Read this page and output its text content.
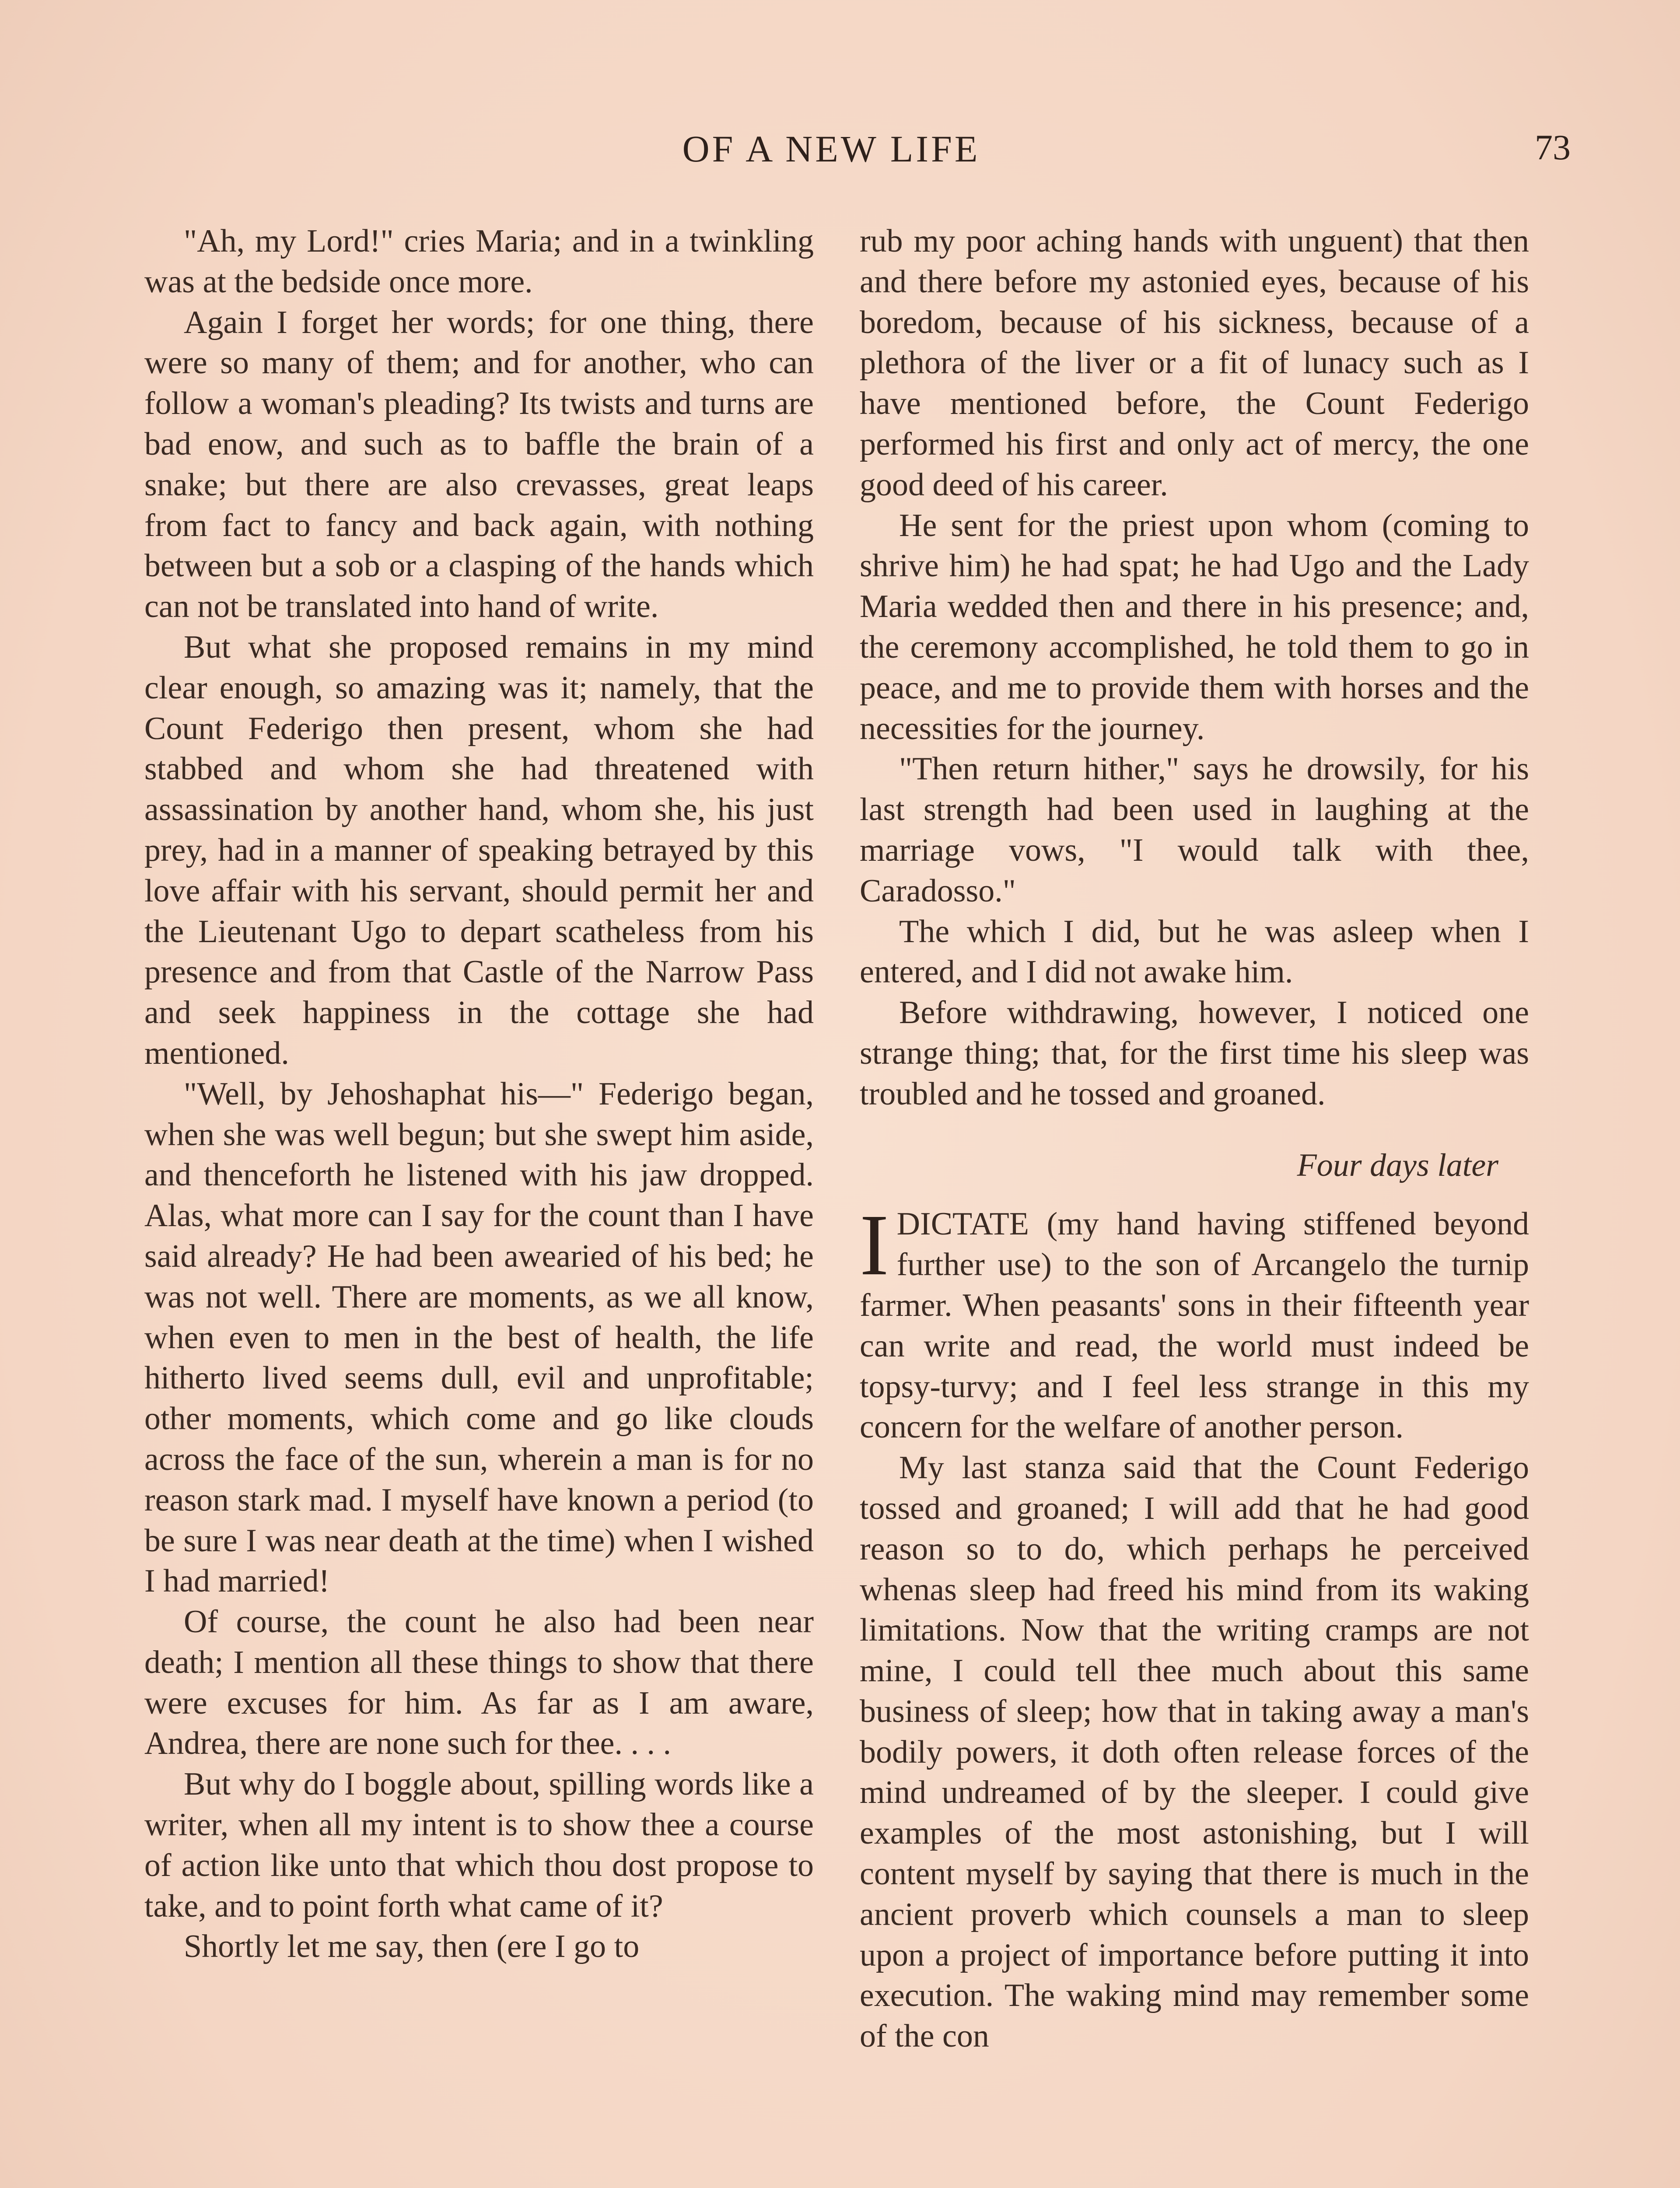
OF A NEW LIFE	73

"Ah, my Lord!" cries Maria; and in a twinkling was at the bedside once more.

Again I forget her words; for one thing, there were so many of them; and for another, who can follow a woman's pleading? Its twists and turns are bad enow, and such as to baffle the brain of a snake; but there are also crevasses, great leaps from fact to fancy and back again, with nothing between but a sob or a clasping of the hands which can not be translated into hand of write.

But what she proposed remains in my mind clear enough, so amazing was it; namely, that the Count Federigo then present, whom she had stabbed and whom she had threatened with assassination by another hand, whom she, his just prey, had in a manner of speaking betrayed by this love affair with his servant, should permit her and the Lieutenant Ugo to depart scatheless from his presence and from that Castle of the Narrow Pass and seek happiness in the cottage she had mentioned.

"Well, by Jehoshaphat his—" Federigo began, when she was well begun; but she swept him aside, and thenceforth he listened with his jaw dropped. Alas, what more can I say for the count than I have said already? He had been awearied of his bed; he was not well. There are moments, as we all know, when even to men in the best of health, the life hitherto lived seems dull, evil and unprofitable; other moments, which come and go like clouds across the face of the sun, wherein a man is for no reason stark mad. I myself have known a period (to be sure I was near death at the time) when I wished I had married!

Of course, the count he also had been near death; I mention all these things to show that there were excuses for him. As far as I am aware, Andrea, there are none such for thee. . . .

But why do I boggle about, spilling words like a writer, when all my intent is to show thee a course of action like unto that which thou dost propose to take, and to point forth what came of it?

Shortly let me say, then (ere I go to

rub my poor aching hands with unguent) that then and there before my astonied eyes, because of his boredom, because of his sickness, because of a plethora of the liver or a fit of lunacy such as I have mentioned before, the Count Federigo performed his first and only act of mercy, the one good deed of his career.

He sent for the priest upon whom (coming to shrive him) he had spat; he had Ugo and the Lady Maria wedded then and there in his presence; and, the ceremony accomplished, he told them to go in peace, and me to provide them with horses and the necessities for the journey.

"Then return hither," says he drowsily, for his last strength had been used in laughing at the marriage vows, "I would talk with thee, Caradosso."

The which I did, but he was asleep when I entered, and I did not awake him.

Before withdrawing, however, I noticed one strange thing; that, for the first time his sleep was troubled and he tossed and groaned.

Four days later

I DICTATE (my hand having stiffened beyond further use) to the son of Arcangelo the turnip farmer. When peasants' sons in their fifteenth year can write and read, the world must indeed be topsy-turvy; and I feel less strange in this my concern for the welfare of another person.

My last stanza said that the Count Federigo tossed and groaned; I will add that he had good reason so to do, which perhaps he perceived whenas sleep had freed his mind from its waking limitations. Now that the writing cramps are not mine, I could tell thee much about this same business of sleep; how that in taking away a man's bodily powers, it doth often release forces of the mind undreamed of by the sleeper. I could give examples of the most astonishing, but I will content myself by saying that there is much in the ancient proverb which counsels a man to sleep upon a project of importance before putting it into execution. The waking mind may remember some of the con
